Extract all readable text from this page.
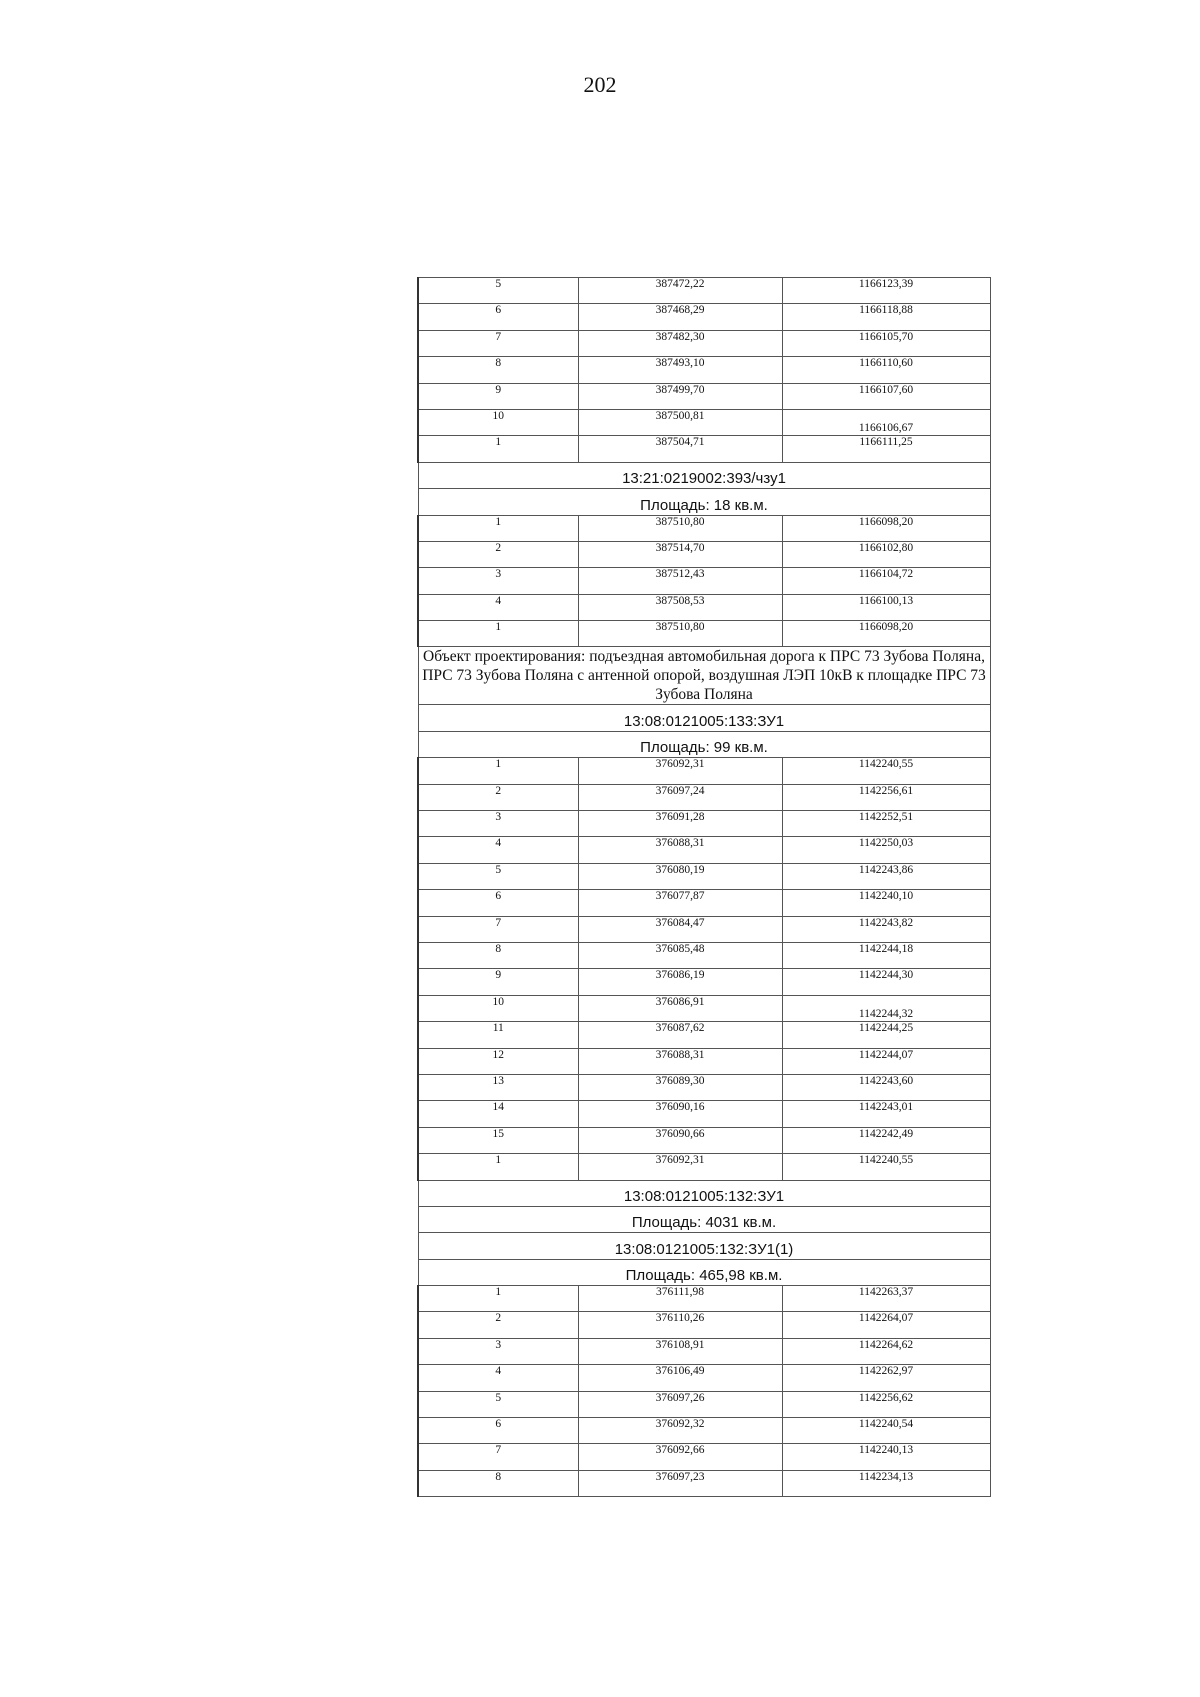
202
5	387472,22	1166123,39
6	387468,29	1166118,88
7	387482,30	1166105,70
8	387493,10	1166110,60
9	387499,70	1166107,60
10	387500,81	1166106,67
1	387504,71	1166111,25
13:21:0219002:393/чзу1		
Площадь: 18 кв.м.		
1	387510,80	1166098,20
2	387514,70	1166102,80
3	387512,43	1166104,72
4	387508,53	1166100,13
1	387510,80	1166098,20
Объект проектирования: подъездная автомобильная дорога к ПРС 73 Зубова Поляна, ПРС 73 Зубова Поляна с антенной опорой, воздушная ЛЭП 10кВ к площадке ПРС 73 Зубова Поляна		
13:08:0121005:133:ЗУ1		
Площадь: 99 кв.м.		
1	376092,31	1142240,55
2	376097,24	1142256,61
3	376091,28	1142252,51
4	376088,31	1142250,03
5	376080,19	1142243,86
6	376077,87	1142240,10
7	376084,47	1142243,82
8	376085,48	1142244,18
9	376086,19	1142244,30
10	376086,91	1142244,32
11	376087,62	1142244,25
12	376088,31	1142244,07
13	376089,30	1142243,60
14	376090,16	1142243,01
15	376090,66	1142242,49
1	376092,31	1142240,55
13:08:0121005:132:ЗУ1		
Площадь: 4031 кв.м.		
13:08:0121005:132:ЗУ1(1)		
Площадь: 465,98 кв.м.		
1	376111,98	1142263,37
2	376110,26	1142264,07
3	376108,91	1142264,62
4	376106,49	1142262,97
5	376097,26	1142256,62
6	376092,32	1142240,54
7	376092,66	1142240,13
8	376097,23	1142234,13
